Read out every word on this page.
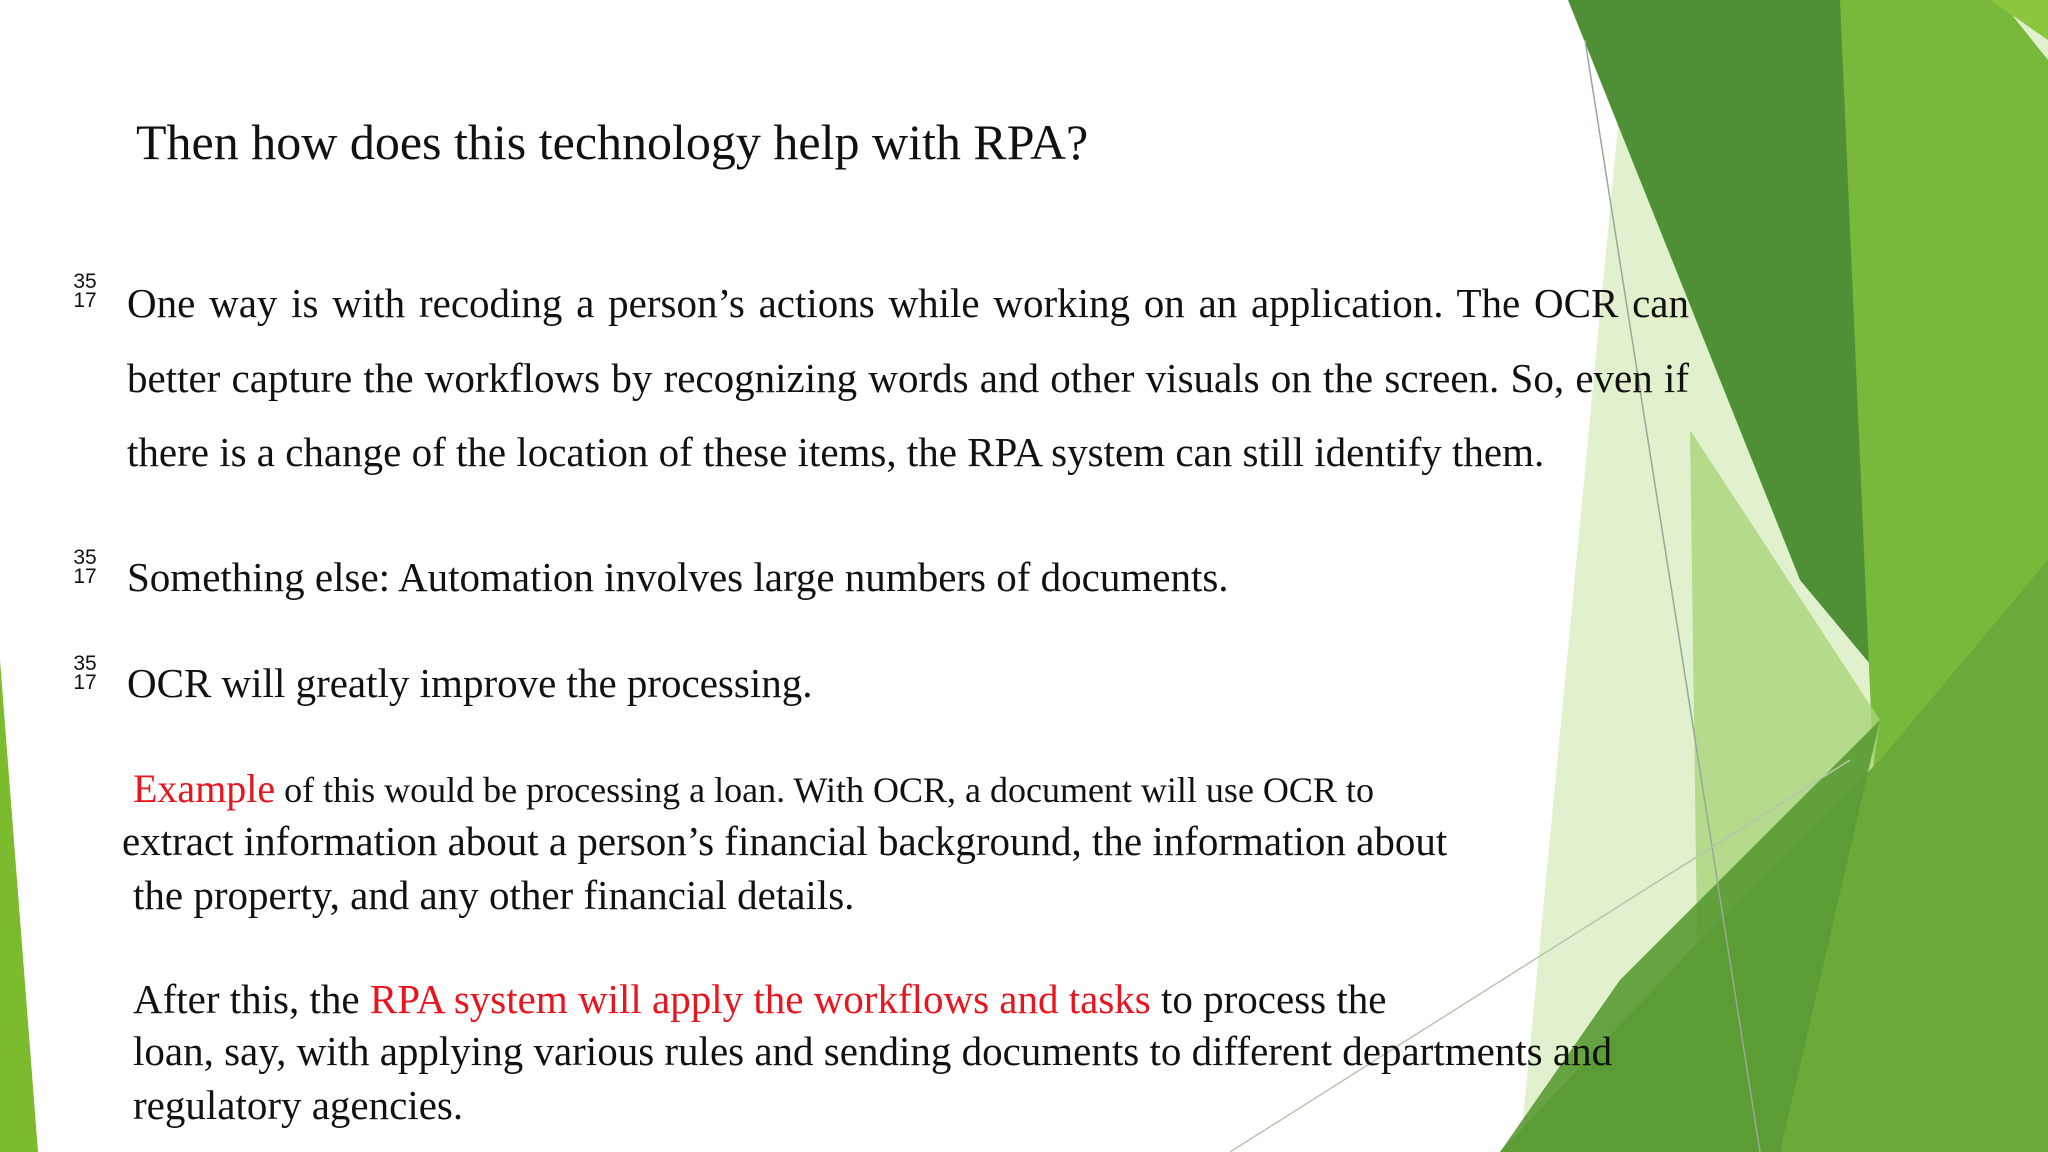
Then how does this technology help with RPA?
35
17 One way is with recoding a person’s actions while working on an application. The OCR can better capture the workflows by recognizing words and other visuals on the screen. So, even if there is a change of the location of these items, the RPA system can still identify them.
35
17 Something else: Automation involves large numbers of documents.
35
17 OCR will greatly improve the processing.
Example of this would be processing a loan. With OCR, a document will use OCR to
extract information about a person’s financial background, the information about
the property, and any other financial details.
After this, the RPA system will apply the workflows and tasks to process the
loan, say, with applying various rules and sending documents to different departments and
regulatory agencies.
